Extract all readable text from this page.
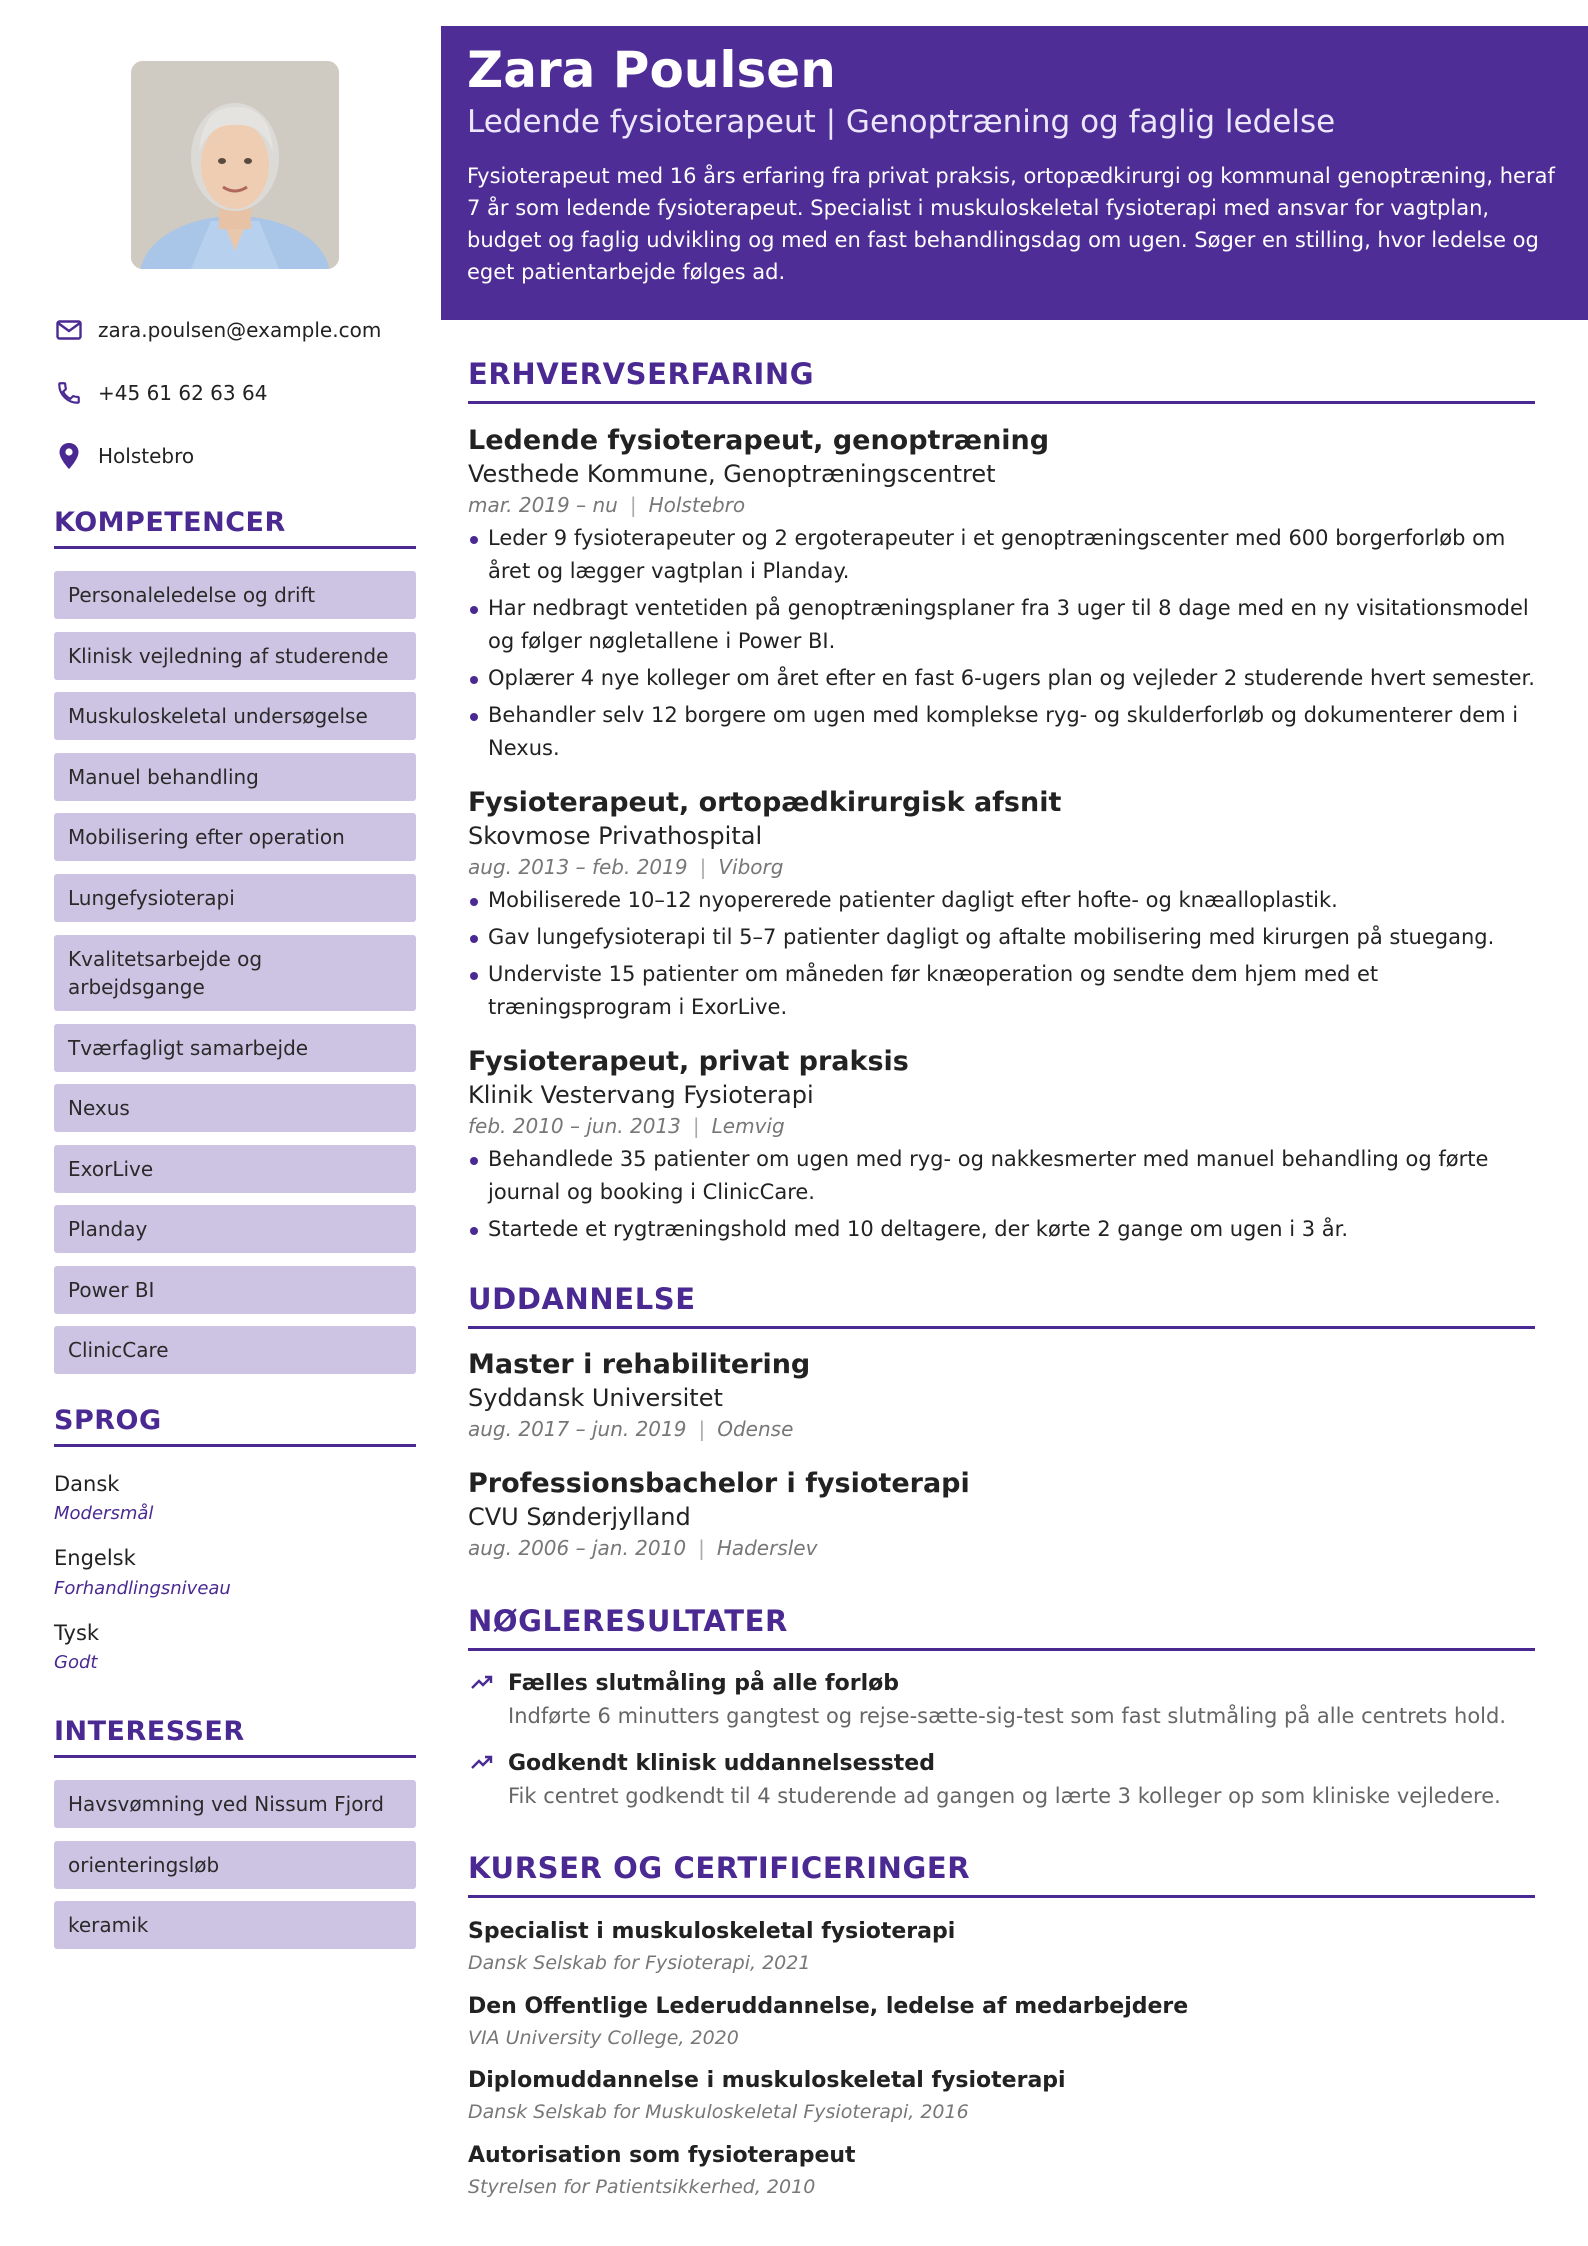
zara.poulsen@example.com
+45 61 62 63 64
Holstebro
KOMPETENCER
Personaleledelse og drift
Klinisk vejledning af studerende
Muskuloskeletal undersøgelse
Manuel behandling
Mobilisering efter operation
Lungefysioterapi
Kvalitetsarbejde og arbejdsgange
Tværfagligt samarbejde
Nexus
ExorLive
Planday
Power BI
ClinicCare
SPROG
Dansk
Modersmål
Engelsk
Forhandlingsniveau
Tysk
Godt
INTERESSER
Havsvømning ved Nissum Fjord
orienteringsløb
keramik
Zara Poulsen
Ledende fysioterapeut | Genoptræning og faglig ledelse
Fysioterapeut med 16 års erfaring fra privat praksis, ortopædkirurgi og kommunal genoptræning, heraf 7 år som ledende fysioterapeut. Specialist i muskuloskeletal fysioterapi med ansvar for vagtplan, budget og faglig udvikling og med en fast behandlingsdag om ugen. Søger en stilling, hvor ledelse og eget patientarbejde følges ad.
ERHVERVSERFARING
Ledende fysioterapeut, genoptræning
Vesthede Kommune, Genoptræningscentret
mar. 2019 – nu | Holstebro
Leder 9 fysioterapeuter og 2 ergoterapeuter i et genoptræningscenter med 600 borgerforløb om året og lægger vagtplan i Planday.
Har nedbragt ventetiden på genoptræningsplaner fra 3 uger til 8 dage med en ny visitationsmodel og følger nøgletallene i Power BI.
Oplærer 4 nye kolleger om året efter en fast 6-ugers plan og vejleder 2 studerende hvert semester.
Behandler selv 12 borgere om ugen med komplekse ryg- og skulderforløb og dokumenterer dem i Nexus.
Fysioterapeut, ortopædkirurgisk afsnit
Skovmose Privathospital
aug. 2013 – feb. 2019 | Viborg
Mobiliserede 10–12 nyopererede patienter dagligt efter hofte- og knæalloplastik.
Gav lungefysioterapi til 5–7 patienter dagligt og aftalte mobilisering med kirurgen på stuegang.
Underviste 15 patienter om måneden før knæoperation og sendte dem hjem med et træningsprogram i ExorLive.
Fysioterapeut, privat praksis
Klinik Vestervang Fysioterapi
feb. 2010 – jun. 2013 | Lemvig
Behandlede 35 patienter om ugen med ryg- og nakkesmerter med manuel behandling og førte journal og booking i ClinicCare.
Startede et rygtræningshold med 10 deltagere, der kørte 2 gange om ugen i 3 år.
UDDANNELSE
Master i rehabilitering
Syddansk Universitet
aug. 2017 – jun. 2019 | Odense
Professionsbachelor i fysioterapi
CVU Sønderjylland
aug. 2006 – jan. 2010 | Haderslev
NØGLERESULTATER
Fælles slutmåling på alle forløb
Indførte 6 minutters gangtest og rejse-sætte-sig-test som fast slutmåling på alle centrets hold.
Godkendt klinisk uddannelsessted
Fik centret godkendt til 4 studerende ad gangen og lærte 3 kolleger op som kliniske vejledere.
KURSER OG CERTIFICERINGER
Specialist i muskuloskeletal fysioterapi
Dansk Selskab for Fysioterapi, 2021
Den Offentlige Lederuddannelse, ledelse af medarbejdere
VIA University College, 2020
Diplomuddannelse i muskuloskeletal fysioterapi
Dansk Selskab for Muskuloskeletal Fysioterapi, 2016
Autorisation som fysioterapeut
Styrelsen for Patientsikkerhed, 2010
